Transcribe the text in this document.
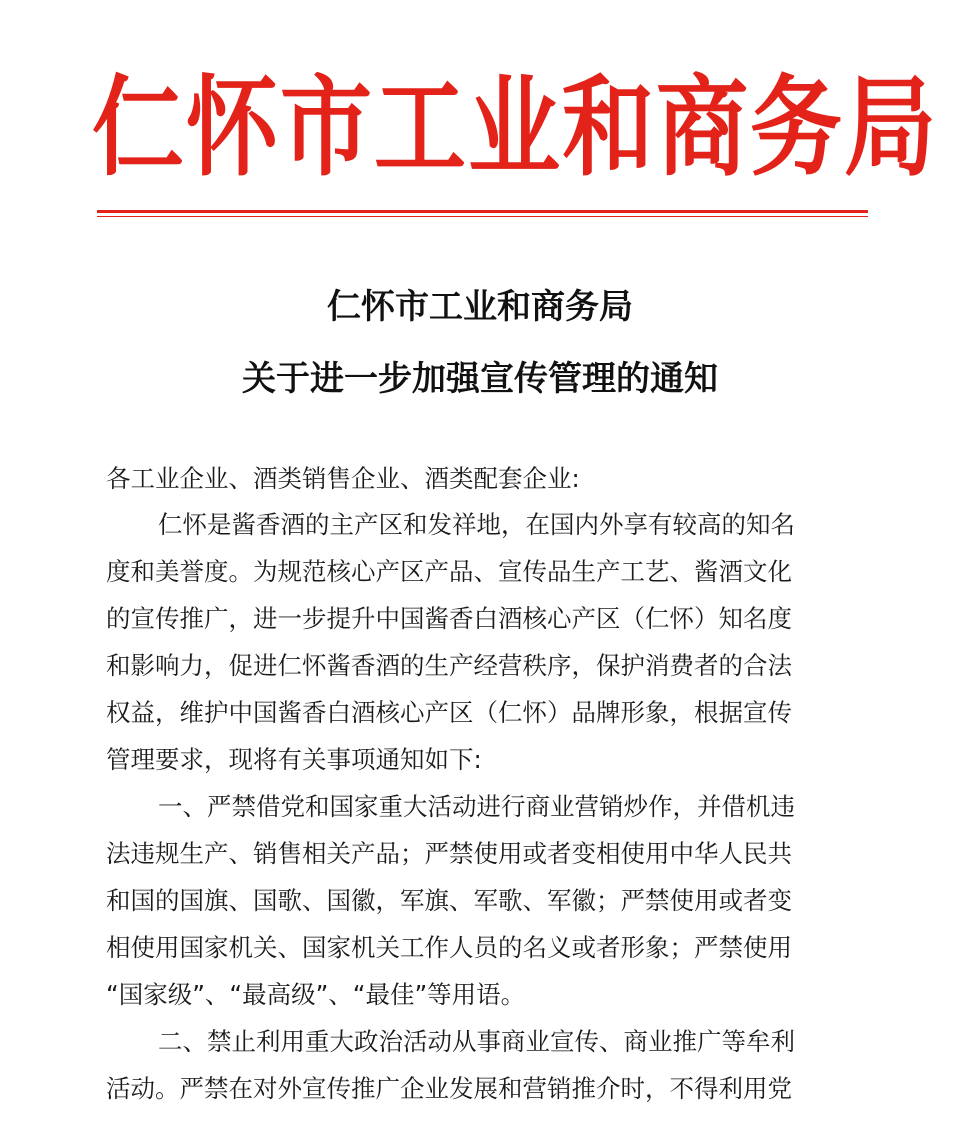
仁怀市工业和商务局
仁怀市工业和商务局
关于进一步加强宣传管理的通知
各工业企业、酒类销售企业、酒类配套企业:
仁怀是酱香酒的主产区和发祥地，在国内外享有较高的知名
度和美誉度。为规范核心产区产品、宣传品生产工艺、酱酒文化
的宣传推广，进一步提升中国酱香白酒核心产区（仁怀）知名度
和影响力，促进仁怀酱香酒的生产经营秩序，保护消费者的合法
权益，维护中国酱香白酒核心产区（仁怀）品牌形象，根据宣传
管理要求，现将有关事项通知如下:
一、严禁借党和国家重大活动进行商业营销炒作，并借机违
法违规生产、销售相关产品；严禁使用或者变相使用中华人民共
和国的国旗、国歌、国徽，军旗、军歌、军徽；严禁使用或者变
相使用国家机关、国家机关工作人员的名义或者形象；严禁使用
“国家级”、“最高级”、“最佳”等用语。
二、禁止利用重大政治活动从事商业宣传、商业推广等牟利
活动。严禁在对外宣传推广企业发展和营销推介时，不得利用党
